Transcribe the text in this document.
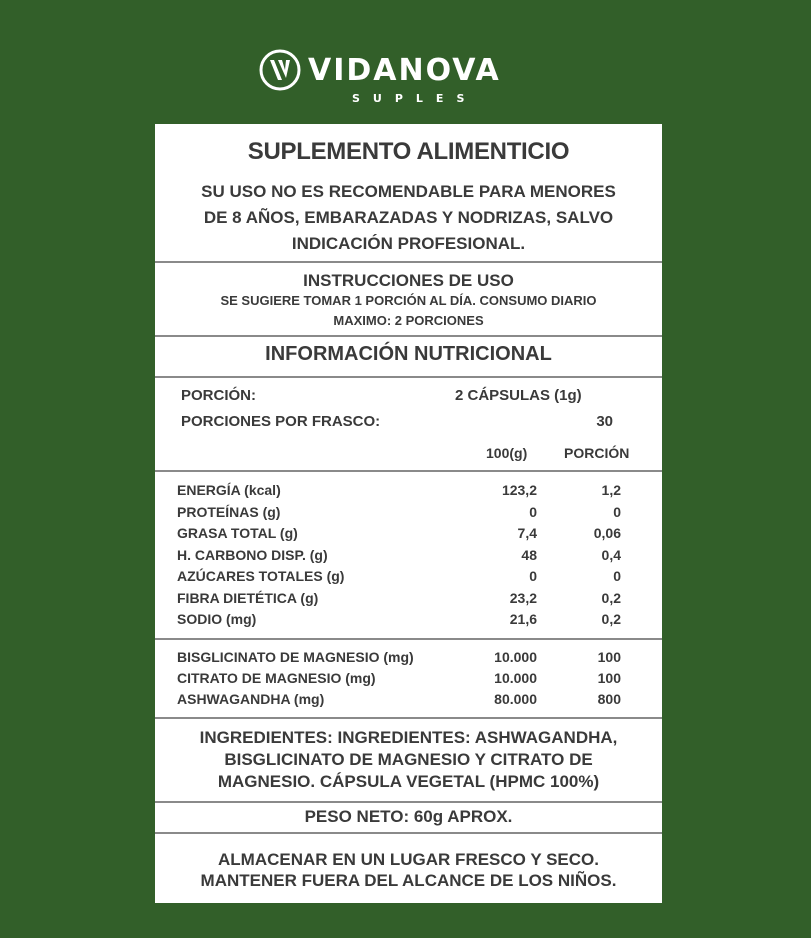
VIDANOVA
SUPLES
SUPLEMENTO ALIMENTICIO
SU USO NO ES RECOMENDABLE PARA MENORES
DE 8 AÑOS, EMBARAZADAS Y NODRIZAS, SALVO
INDICACIÓN PROFESIONAL.
INSTRUCCIONES DE USO
SE SUGIERE TOMAR 1 PORCIÓN AL DÍA. CONSUMO DIARIO
MAXIMO: 2 PORCIONES
INFORMACIÓN NUTRICIONAL
PORCIÓN:	2 CÁPSULAS (1g)
PORCIONES POR FRASCO:	30
100(g)	PORCIÓN
ENERGÍA (kcal)	123,2	1,2
PROTEÍNAS (g)	0	0
GRASA TOTAL (g)	7,4	0,06
H. CARBONO DISP. (g)	48	0,4
AZÚCARES TOTALES (g)	0	0
FIBRA DIETÉTICA (g)	23,2	0,2
SODIO (mg)	21,6	0,2
BISGLICINATO DE MAGNESIO (mg)	10.000	100
CITRATO DE MAGNESIO (mg)	10.000	100
ASHWAGANDHA (mg)	80.000	800
INGREDIENTES: INGREDIENTES: ASHWAGANDHA,
BISGLICINATO DE MAGNESIO Y CITRATO DE
MAGNESIO. CÁPSULA VEGETAL (HPMC 100%)
PESO NETO: 60g APROX.
ALMACENAR EN UN LUGAR FRESCO Y SECO.
MANTENER FUERA DEL ALCANCE DE LOS NIÑOS.
